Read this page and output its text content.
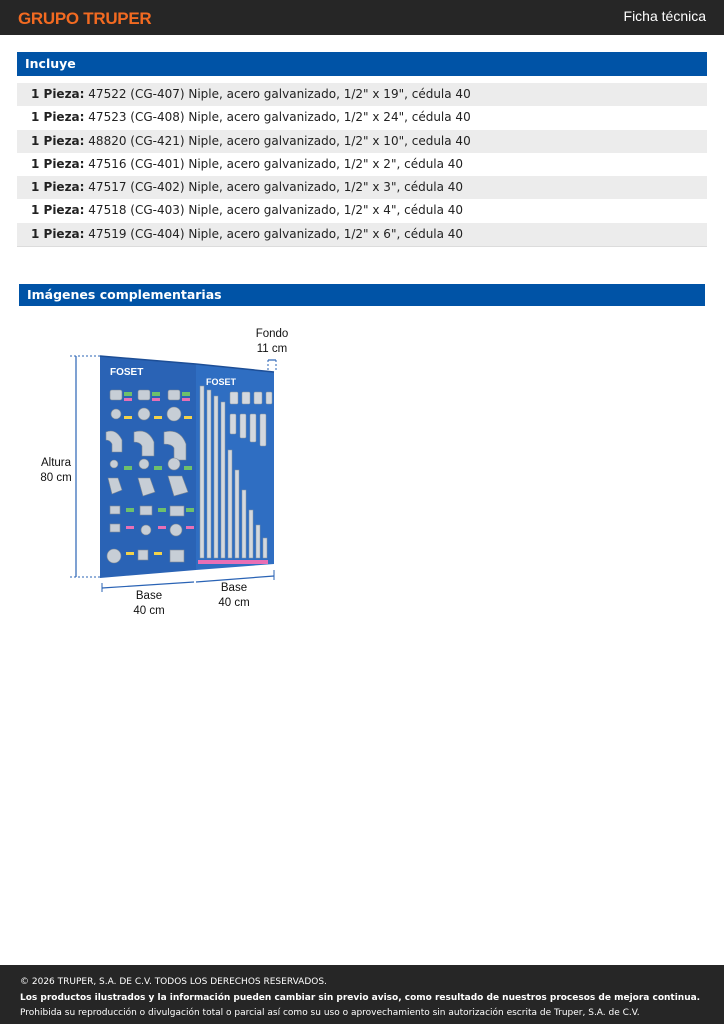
GRUPO TRUPER	Ficha técnica
Incluye
1 Pieza: 47522 (CG-407) Niple, acero galvanizado, 1/2" x 19", cédula 40
1 Pieza: 47523 (CG-408) Niple, acero galvanizado, 1/2" x 24", cédula 40
1 Pieza: 48820 (CG-421) Niple, acero galvanizado, 1/2" x 10", cedula 40
1 Pieza: 47516 (CG-401) Niple, acero galvanizado, 1/2" x 2", cédula 40
1 Pieza: 47517 (CG-402) Niple, acero galvanizado, 1/2" x 3", cédula 40
1 Pieza: 47518 (CG-403) Niple, acero galvanizado, 1/2" x 4", cédula 40
1 Pieza: 47519 (CG-404) Niple, acero galvanizado, 1/2" x 6", cédula 40
Imágenes complementarias
FOSET
FOSET
Fondo
11 cm
Altura
80 cm
Base
40 cm
Base
40 cm
© 2026 TRUPER, S.A. DE C.V. TODOS LOS DERECHOS RESERVADOS.
Los productos ilustrados y la información pueden cambiar sin previo aviso, como resultado de nuestros procesos de mejora continua.
Prohibida su reproducción o divulgación total o parcial así como su uso o aprovechamiento sin autorización escrita de Truper, S.A. de C.V.
